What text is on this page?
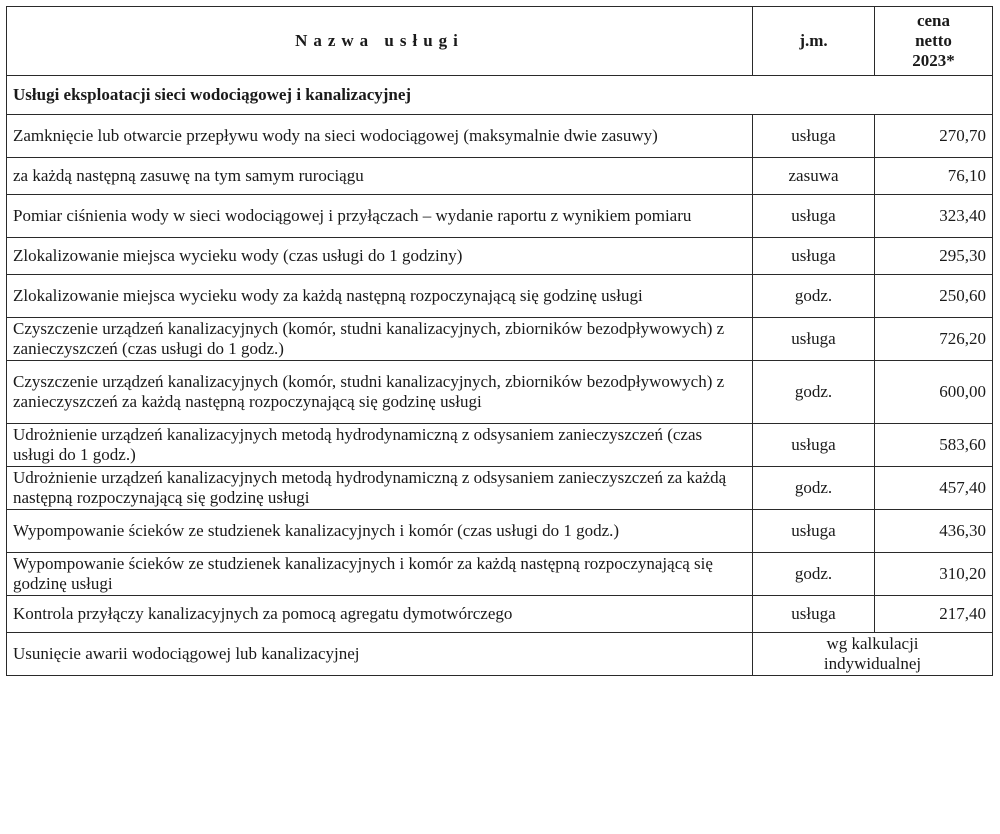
Nazwa usługi	j.m.	cena
netto
2023*

Usługi eksploatacji sieci wodociągowej i kanalizacyjnej		
Zamknięcie lub otwarcie przepływu wody na sieci wodociągowej (maksymalnie dwie zasuwy)	usługa	270,70
za każdą następną zasuwę na tym samym rurociągu	zasuwa	76,10
Pomiar ciśnienia wody w sieci wodociągowej i przyłączach – wydanie raportu z wynikiem pomiaru	usługa	323,40
Zlokalizowanie miejsca wycieku wody (czas usługi do 1 godziny)	usługa	295,30
Zlokalizowanie miejsca wycieku wody za każdą następną rozpoczynającą się godzinę usługi	godz.	250,60
Czyszczenie urządzeń kanalizacyjnych (komór, studni kanalizacyjnych, zbiorników bezodpływowych) z zanieczyszczeń (czas usługi do 1 godz.)	usługa	726,20
Czyszczenie urządzeń kanalizacyjnych (komór, studni kanalizacyjnych, zbiorników bezodpływowych) z zanieczyszczeń za każdą następną rozpoczynającą się godzinę usługi	godz.	600,00
Udrożnienie urządzeń kanalizacyjnych metodą hydrodynamiczną z odsysaniem zanieczyszczeń (czas usługi do 1 godz.)	usługa	583,60
Udrożnienie urządzeń kanalizacyjnych metodą hydrodynamiczną z odsysaniem zanieczyszczeń za każdą następną rozpoczynającą się godzinę usługi	godz.	457,40
Wypompowanie ścieków ze studzienek kanalizacyjnych i komór (czas usługi do 1 godz.)	usługa	436,30
Wypompowanie ścieków ze studzienek kanalizacyjnych i komór za każdą następną rozpoczynającą się godzinę usługi	godz.	310,20
Kontrola przyłączy kanalizacyjnych za pomocą agregatu dymotwórczego	usługa	217,40
Usunięcie awarii wodociągowej lub kanalizacyjnej	wg kalkulacji
indywidualnej	
